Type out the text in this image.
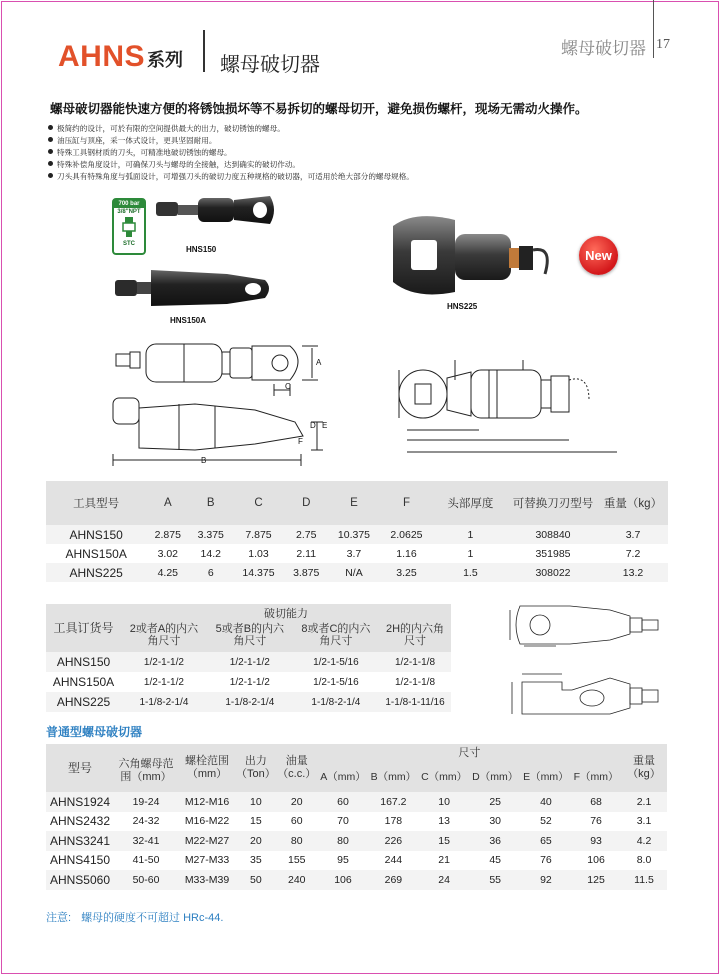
AHNS 系列 螺母破切器
螺母破切器 17
螺母破切器能快速方便的将锈蚀损坏等不易拆切的螺母切开，避免损伤螺杆，现场无需动火操作。
极简约的设计，可於有限的空间提供最大的出力，破切锈蚀的螺母。
油压缸与顶座，采一体式设计，更具坚固耐用。
特殊工具钢材质的刀头，可精准地破切锈蚀的螺母。
特殊补偿角度设计，可确保刀头与螺母的全接触，达到确实的破切作动。
刀头具有特殊角度与弧面设计，可增强刀头的破切力度五种规格的破切器，可适用於绝大部分的螺母规格。
700 bar
3/8"NPT
STC
HNS150
HNS150A
HNS225
New
A
C
B
D E
F
工具型号	A	B	C	D	E	F	头部厚度	可替换刀刃型号	重量（kg）
AHNS150	2.875	3.375	7.875	2.75	10.375	2.0625	1	308840	3.7
AHNS150A	3.02	14.2	1.03	2.11	3.7	1.16	1	351985	7.2
AHNS225	4.25	6	14.375	3.875	N/A	3.25	1.5	308022	13.2
工具订货号	破切能力			
	2或者A的内六角尺寸	5或者B的内六角尺寸	8或者C的内六角尺寸	2H的内六角尺寸
AHNS150	1/2-1-1/2	1/2-1-1/2	1/2-1-5/16	1/2-1-1/8
AHNS150A	1/2-1-1/2	1/2-1-1/2	1/2-1-5/16	1/2-1-1/8
AHNS225	1-1/8-2-1/4	1-1/8-2-1/4	1-1/8-2-1/4	1-1/8-1-11/16
普通型螺母破切器
型号	六角螺母范围（mm）	螺栓范围（mm）	出力（Ton）	油量（c.c.）	尺寸						重量（kg）
					A（mm）	B（mm）	C（mm）	D（mm）	E（mm）	F（mm）	
AHNS1924	19-24	M12-M16	10	20	60	167.2	10	25	40	68	2.1
AHNS2432	24-32	M16-M22	15	60	70	178	13	30	52	76	3.1
AHNS3241	32-41	M22-M27	20	80	80	226	15	36	65	93	4.2
AHNS4150	41-50	M27-M33	35	155	95	244	21	45	76	106	8.0
AHNS5060	50-60	M33-M39	50	240	106	269	24	55	92	125	11.5
注意: 螺母的硬度不可超过 HRc-44.
